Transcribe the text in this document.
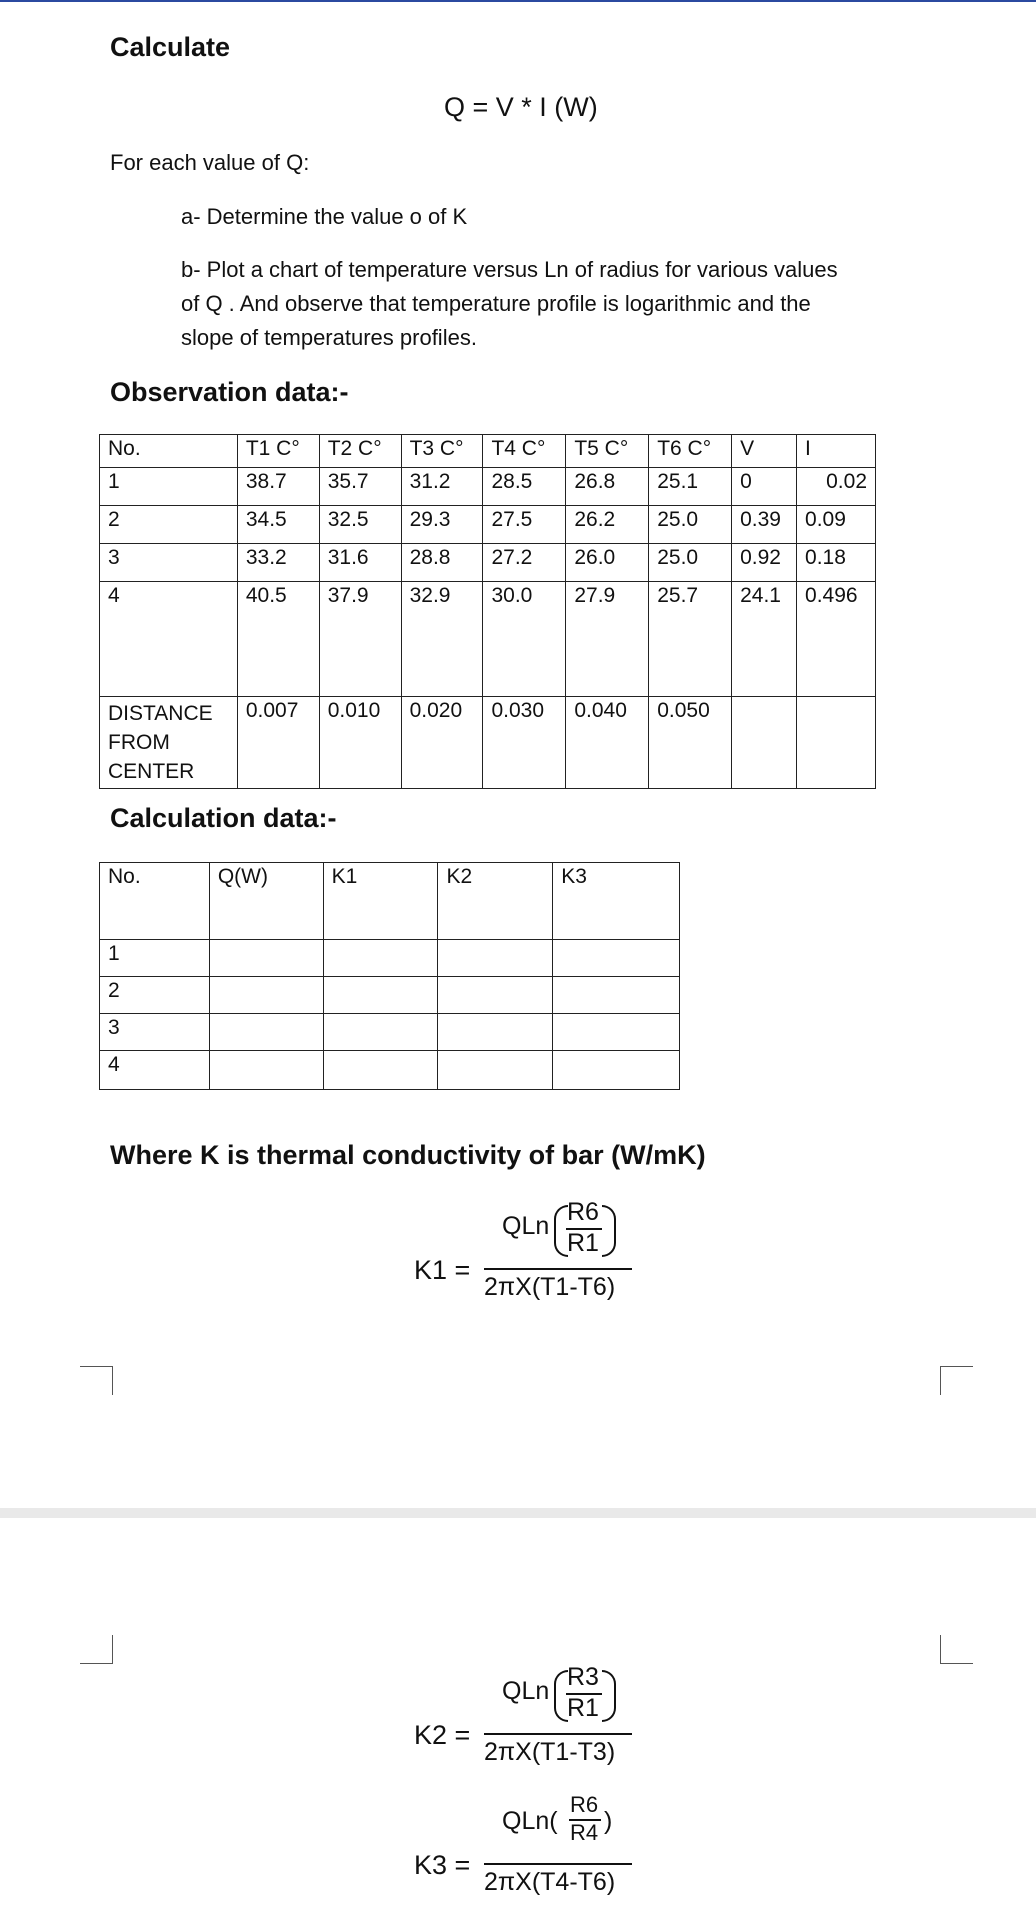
Calculate
Q = V * I (W)
For each value of Q:
a- Determine the value o of K
b- Plot a chart of temperature versus Ln of radius for various values
of Q . And observe that temperature profile is logarithmic and the
slope of temperatures profiles.
Observation data:-
No.	T1 C°	T2 C°	T3 C°	T4 C°	T5 C°	T6 C°	V	I
1	38.7	35.7	31.2	28.5	26.8	25.1	0	0.02
2	34.5	32.5	29.3	27.5	26.2	25.0	0.39	0.09
3	33.2	31.6	28.8	27.2	26.0	25.0	0.92	0.18
4	40.5	37.9	32.9	30.0	27.9	25.7	24.1	0.496

DISTANCE
FROM
CENTER	0.007	0.010	0.020	0.030	0.040	0.050		
Calculation data:-
No.	Q(W)	K1	K2	K3
1				
2				
3				
4				
Where K is thermal conductivity of bar (W/mK)
K1 =
QLn R6
R1
2πX(T1-T6)
K2 =
QLn R3
R1
2πX(T1-T3)
K3 =
QLn(
R6
R4 )
2πX(T4-T6)
